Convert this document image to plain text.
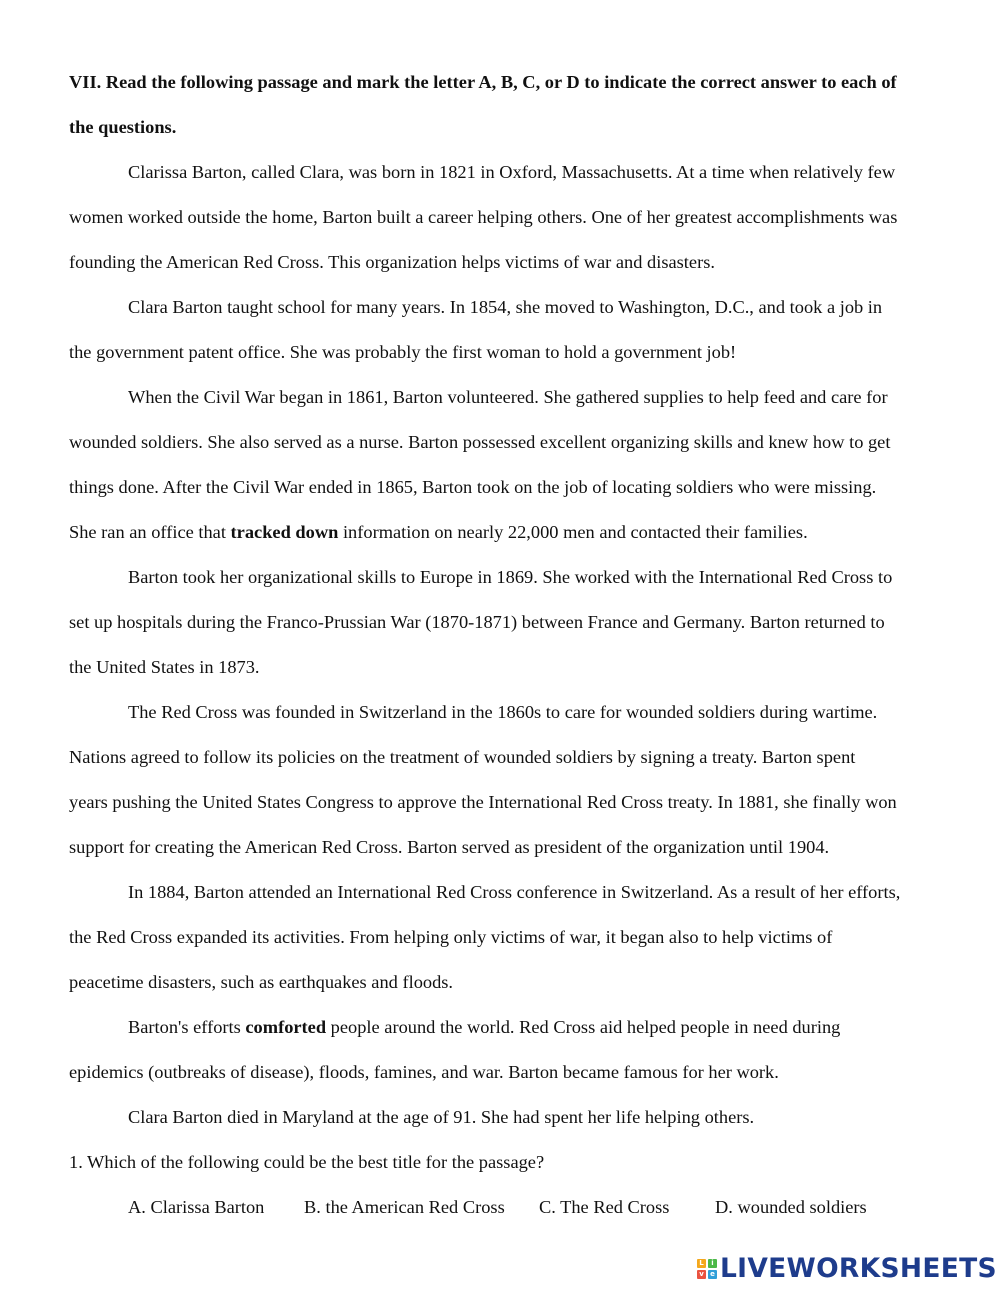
VII. Read the following passage and mark the letter A, B, C, or D to indicate the correct answer to each of

the questions.

Clarissa Barton, called Clara, was born in 1821 in Oxford, Massachusetts. At a time when relatively few

women worked outside the home, Barton built a career helping others. One of her greatest accomplishments was

founding the American Red Cross. This organization helps victims of war and disasters.

Clara Barton taught school for many years. In 1854, she moved to Washington, D.C., and took a job in

the government patent office. She was probably the first woman to hold a government job!

When the Civil War began in 1861, Barton volunteered. She gathered supplies to help feed and care for

wounded soldiers. She also served as a nurse. Barton possessed excellent organizing skills and knew how to get

things done. After the Civil War ended in 1865, Barton took on the job of locating soldiers who were missing.

She ran an office that tracked down information on nearly 22,000 men and contacted their families.

Barton took her organizational skills to Europe in 1869. She worked with the International Red Cross to

set up hospitals during the Franco-Prussian War (1870-1871) between France and Germany. Barton returned to

the United States in 1873.

The Red Cross was founded in Switzerland in the 1860s to care for wounded soldiers during wartime.

Nations agreed to follow its policies on the treatment of wounded soldiers by signing a treaty. Barton spent

years pushing the United States Congress to approve the International Red Cross treaty. In 1881, she finally won

support for creating the American Red Cross. Barton served as president of the organization until 1904.

In 1884, Barton attended an International Red Cross conference in Switzerland. As a result of her efforts,

the Red Cross expanded its activities. From helping only victims of war, it began also to help victims of

peacetime disasters, such as earthquakes and floods.

Barton's efforts comforted people around the world. Red Cross aid helped people in need during

epidemics (outbreaks of disease), floods, famines, and war. Barton became famous for her work.

Clara Barton died in Maryland at the age of 91. She had spent her life helping others.

1. Which of the following could be the best title for the passage?

A. Clarissa Barton	B. the American Red Cross	C. The Red Cross	D. wounded soldiers
L	i
v e LIVEWORKSHEETS
